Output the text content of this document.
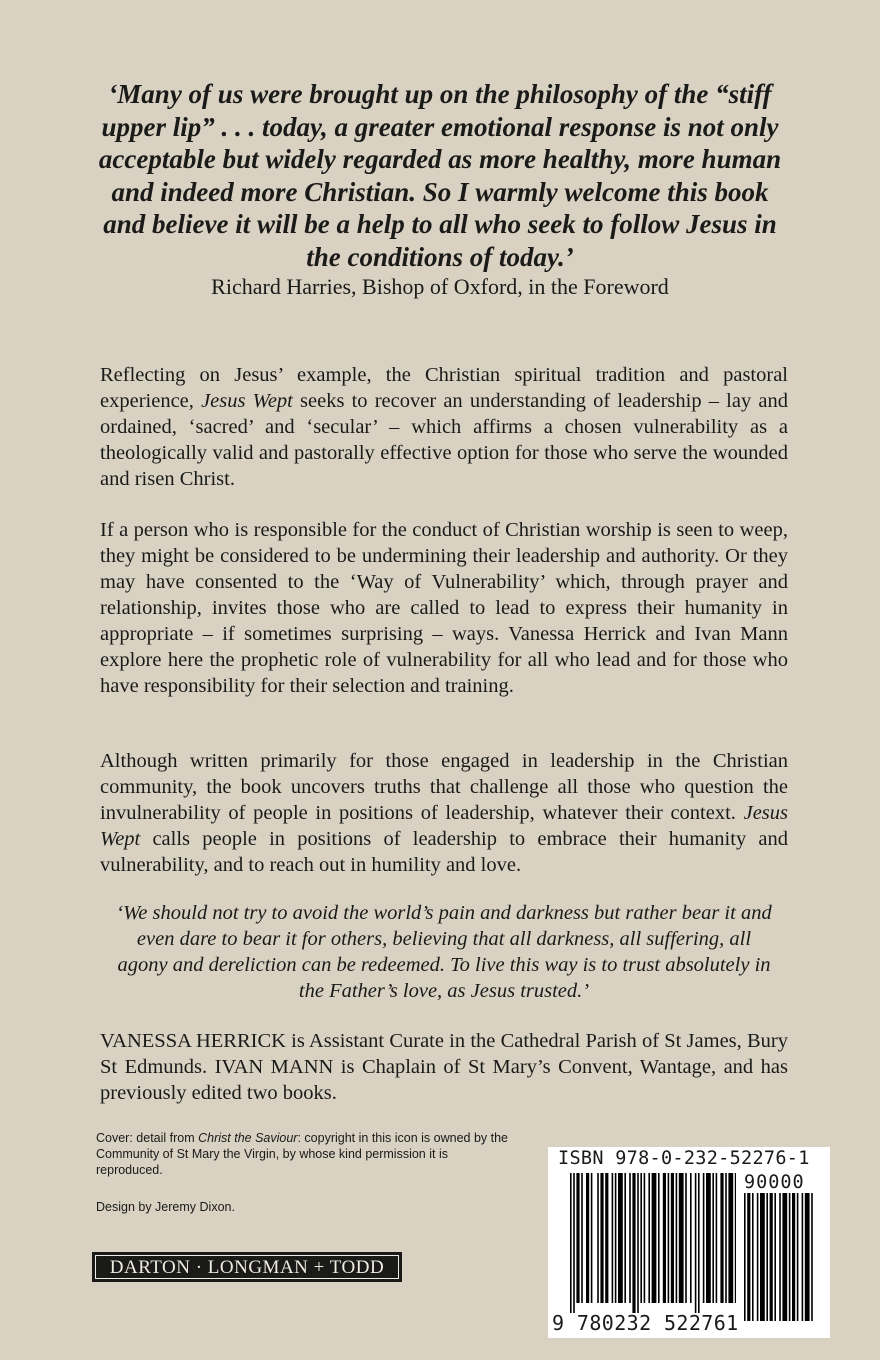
‘Many of us were brought up on the philosophy of the “stiff upper lip” . . . today, a greater emotional response is not only acceptable but widely regarded as more healthy, more human and indeed more Christian. So I warmly welcome this book and believe it will be a help to all who seek to follow Jesus in the conditions of today.’
Richard Harries, Bishop of Oxford, in the Foreword

Reflecting on Jesus’ example, the Christian spiritual tradition and pastoral experience, Jesus Wept seeks to recover an understanding of leadership – lay and ordained, ‘sacred’ and ‘secular’ – which affirms a chosen vulnerability as a theologically valid and pastorally effective option for those who serve the wounded and risen Christ.

If a person who is responsible for the conduct of Christian worship is seen to weep, they might be considered to be undermining their leadership and authority. Or they may have consented to the ‘Way of Vulnerability’ which, through prayer and relationship, invites those who are called to lead to express their humanity in appropriate – if sometimes surprising – ways. Vanessa Herrick and Ivan Mann explore here the prophetic role of vulnerability for all who lead and for those who have responsibility for their selection and training.

Although written primarily for those engaged in leadership in the Christian community, the book uncovers truths that challenge all those who question the invulnerability of people in positions of leadership, whatever their context. Jesus Wept calls people in positions of leadership to embrace their humanity and vulnerability, and to reach out in humility and love.

‘We should not try to avoid the world’s pain and darkness but rather bear it and even dare to bear it for others, believing that all darkness, all suffering, all agony and dereliction can be redeemed. To live this way is to trust absolutely in the Father’s love, as Jesus trusted.’

VANESSA HERRICK is Assistant Curate in the Cathedral Parish of St James, Bury St Edmunds. IVAN MANN is Chaplain of St Mary’s Convent, Wantage, and has previously edited two books.

Cover: detail from Christ the Saviour: copyright in this icon is owned by the Community of St Mary the Virgin, by whose kind permission it is reproduced.
Design by Jeremy Dixon.
DARTON · LONGMAN + TODD
ISBN 978-0-232-52276-1
90000
9 780232 522761
